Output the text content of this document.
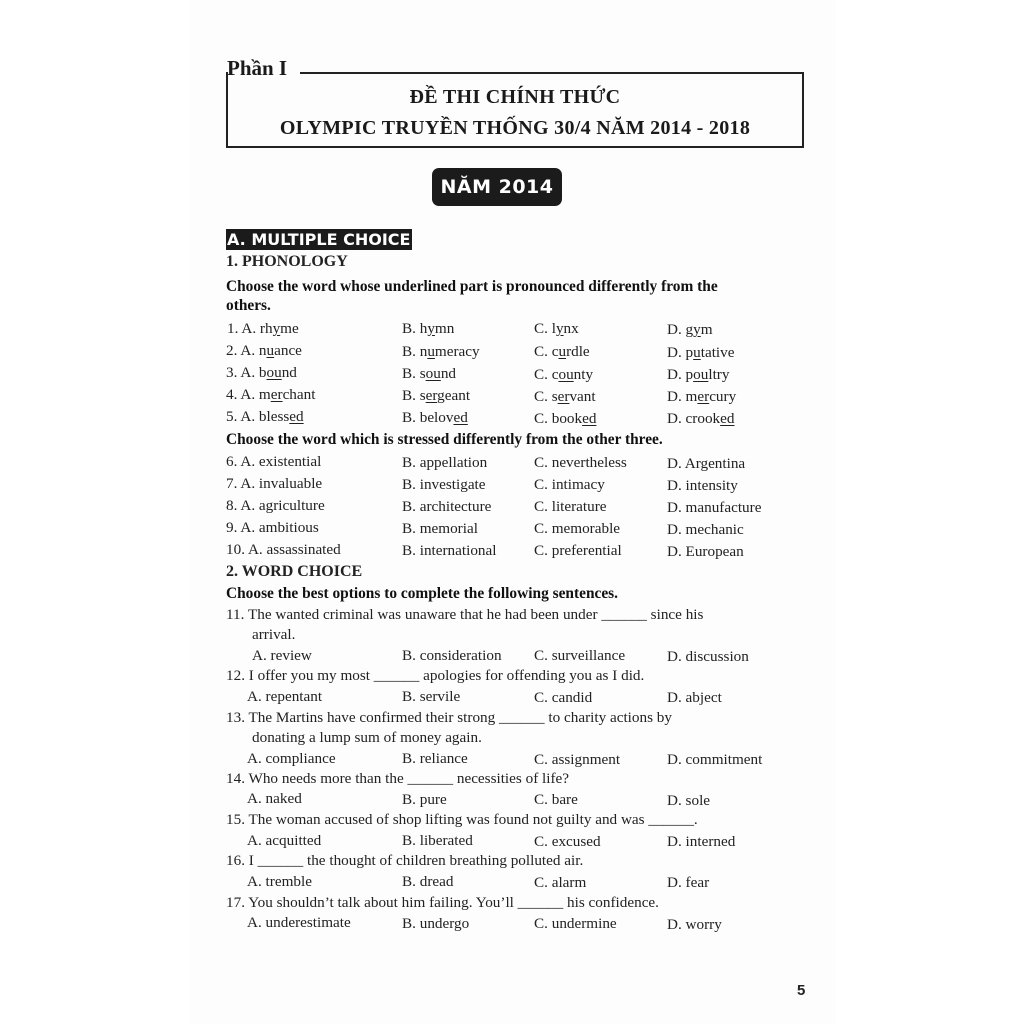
Phần I
ĐỀ THI CHÍNH THỨC
OLYMPIC TRUYỀN THỐNG 30/4 NĂM 2014 - 2018
NĂM 2014
A. MULTIPLE CHOICE
1. PHONOLOGY
Choose the word whose underlined part is pronounced differently from the
others.
1. A. rhyme	B. hymn	C. lynx	D. gym
2. A. nuance	B. numeracy	C. curdle	D. putative
3. A. bound	B. sound	C. county	D. poultry
4. A. merchant	B. sergeant	C. servant	D. mercury
5. A. blessed	B. beloved	C. booked	D. crooked
Choose the word which is stressed differently from the other three.
6. A. existential	B. appellation	C. nevertheless	D. Argentina
7. A. invaluable	B. investigate	C. intimacy	D. intensity
8. A. agriculture	B. architecture	C. literature	D. manufacture
9. A. ambitious	B. memorial	C. memorable	D. mechanic
10. A. assassinated	B. international C. preferential	D. European
2. WORD CHOICE
Choose the best options to complete the following sentences.
11. The wanted criminal was unaware that he had been under ______ since his
arrival.
A. review	B. consideration C. surveillance	D. discussion
12. I offer you my most ______ apologies for offending you as I did.
A. repentant	B. servile	C. candid	D. abject
13. The Martins have confirmed their strong ______ to charity actions by
donating a lump sum of money again.
A. compliance	B. reliance	C. assignment	D. commitment
14. Who needs more than the ______ necessities of life?
A. naked	B. pure	C. bare	D. sole
15. The woman accused of shop lifting was found not guilty and was ______.
A. acquitted	B. liberated	C. excused	D. interned
16. I ______ the thought of children breathing polluted air.
A. tremble	B. dread	C. alarm	D. fear
17. You shouldn’t talk about him failing. You’ll ______ his confidence.
A. underestimate	B. undergo	C. undermine	D. worry
5
